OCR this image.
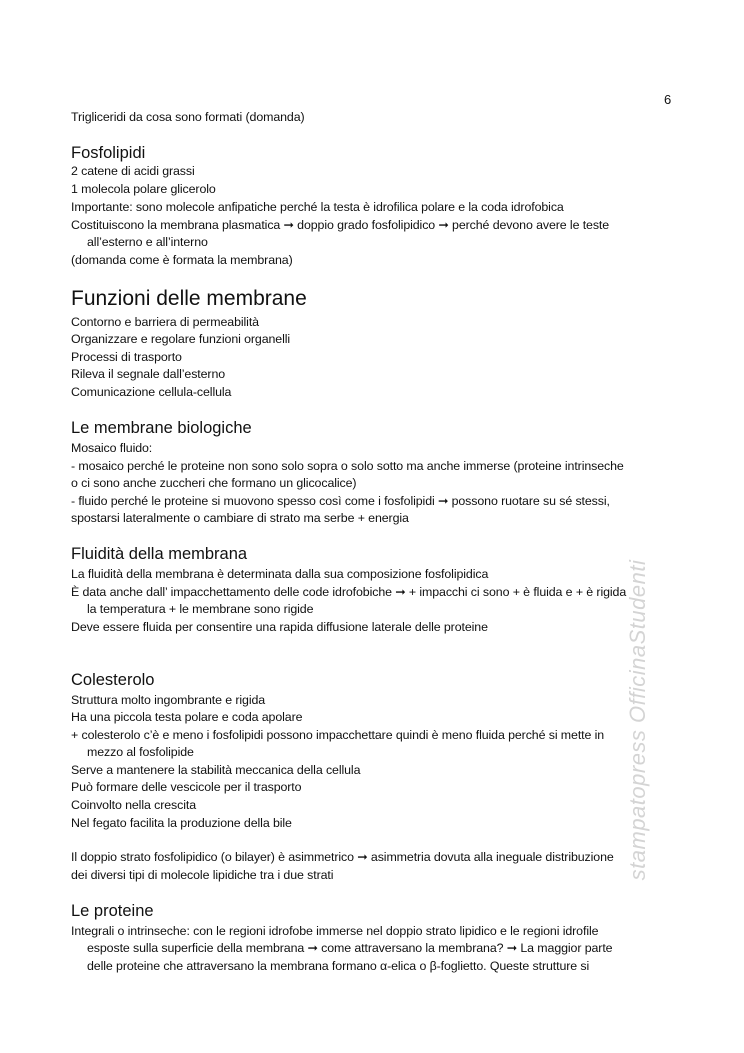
stampatopress OfficinaStudenti
6
Trigliceridi da cosa sono formati (domanda)
Fosfolipidi
2 catene di acidi grassi
1 molecola polare glicerolo
Importante: sono molecole anfipatiche perché la testa è idrofilica polare e la coda idrofobica
Costituiscono la membrana plasmatica ➞ doppio grado fosfolipidico ➞ perché devono avere le teste
all’esterno e all’interno
(domanda come è formata la membrana)
Funzioni delle membrane
Contorno e barriera di permeabilità
Organizzare e regolare funzioni organelli
Processi di trasporto
Rileva il segnale dall’esterno
Comunicazione cellula-cellula
Le membrane biologiche
Mosaico fluido:
- mosaico perché le proteine non sono solo sopra o solo sotto ma anche immerse (proteine intrinseche
o ci sono anche zuccheri che formano un glicocalice)
- fluido perché le proteine si muovono spesso così come i fosfolipidi ➞ possono ruotare su sé stessi,
spostarsi lateralmente o cambiare di strato ma serbe + energia
Fluidità della membrana
La fluidità della membrana è determinata dalla sua composizione fosfolipidica
È data anche dall’ impacchettamento delle code idrofobiche ➞ + impacchi ci sono + è fluida e + è rigida
la temperatura + le membrane sono rigide
Deve essere fluida per consentire una rapida diffusione laterale delle proteine
Colesterolo
Struttura molto ingombrante e rigida
Ha una piccola testa polare e coda apolare
+ colesterolo c’è e meno i fosfolipidi possono impacchettare quindi è meno fluida perché si mette in
mezzo al fosfolipide
Serve a mantenere la stabilità meccanica della cellula
Può formare delle vescicole per il trasporto
Coinvolto nella crescita
Nel fegato facilita la produzione della bile
Il doppio strato fosfolipidico (o bilayer) è asimmetrico ➞ asimmetria dovuta alla ineguale distribuzione
dei diversi tipi di molecole lipidiche tra i due strati
Le proteine
Integrali o intrinseche: con le regioni idrofobe immerse nel doppio strato lipidico e le regioni idrofile
esposte sulla superficie della membrana ➞ come attraversano la membrana? ➞ La maggior parte
delle proteine che attraversano la membrana formano α-elica o β-foglietto. Queste strutture si
